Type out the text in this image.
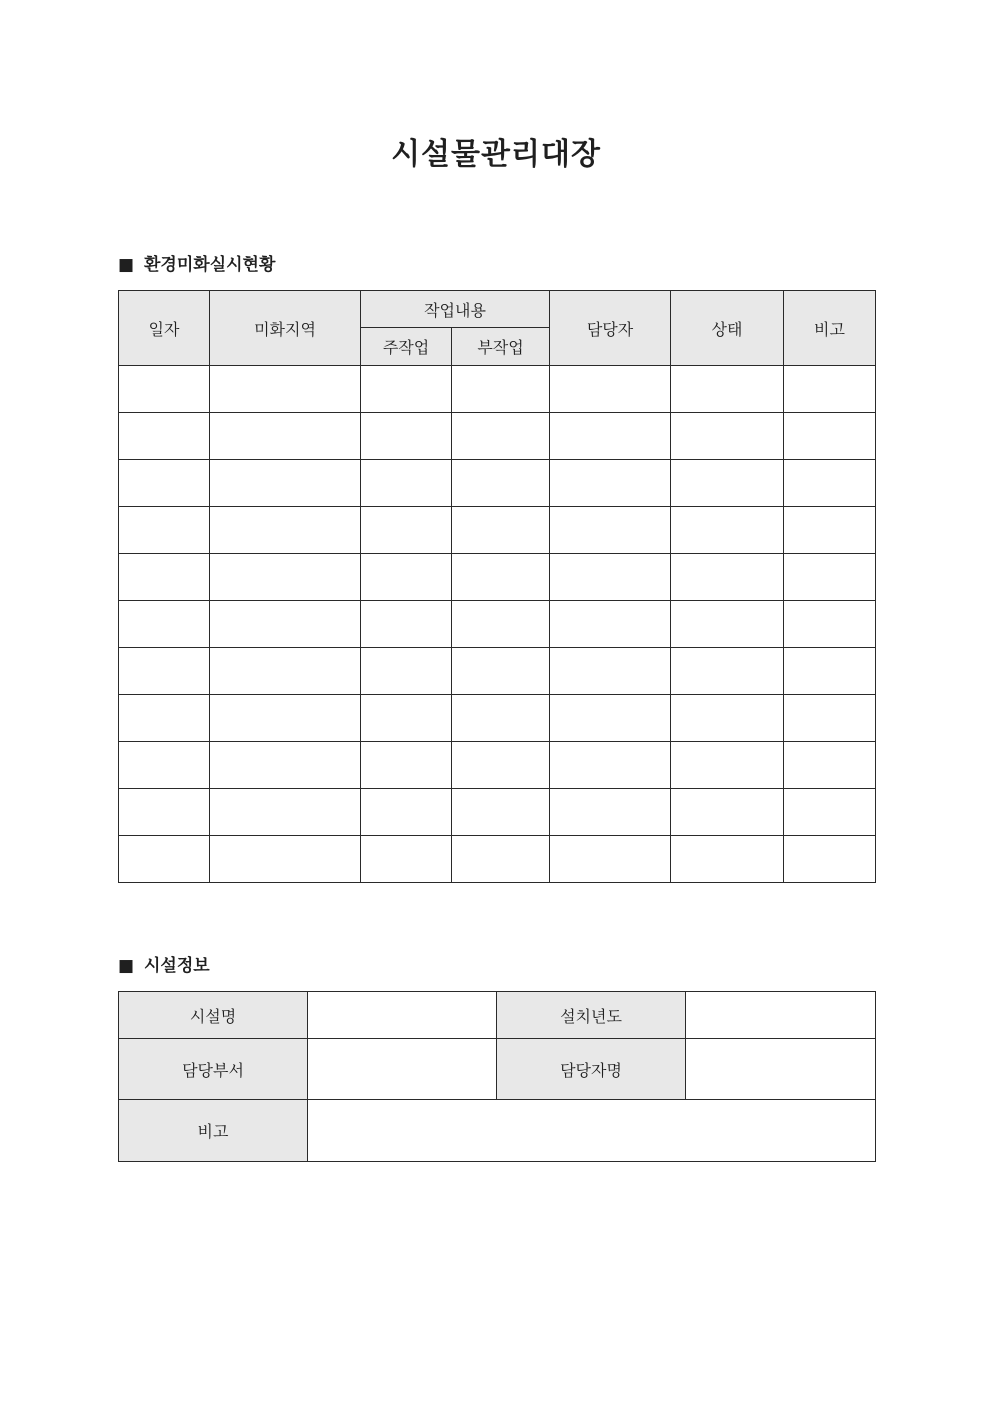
시설물관리대장
■ 환경미화실시현황
일자	미화지역	작업내용		담당자	상태	비고
		주작업	부작업			

■ 시설정보
시설명		설치년도	
담당부서		담당자명	
비고			
